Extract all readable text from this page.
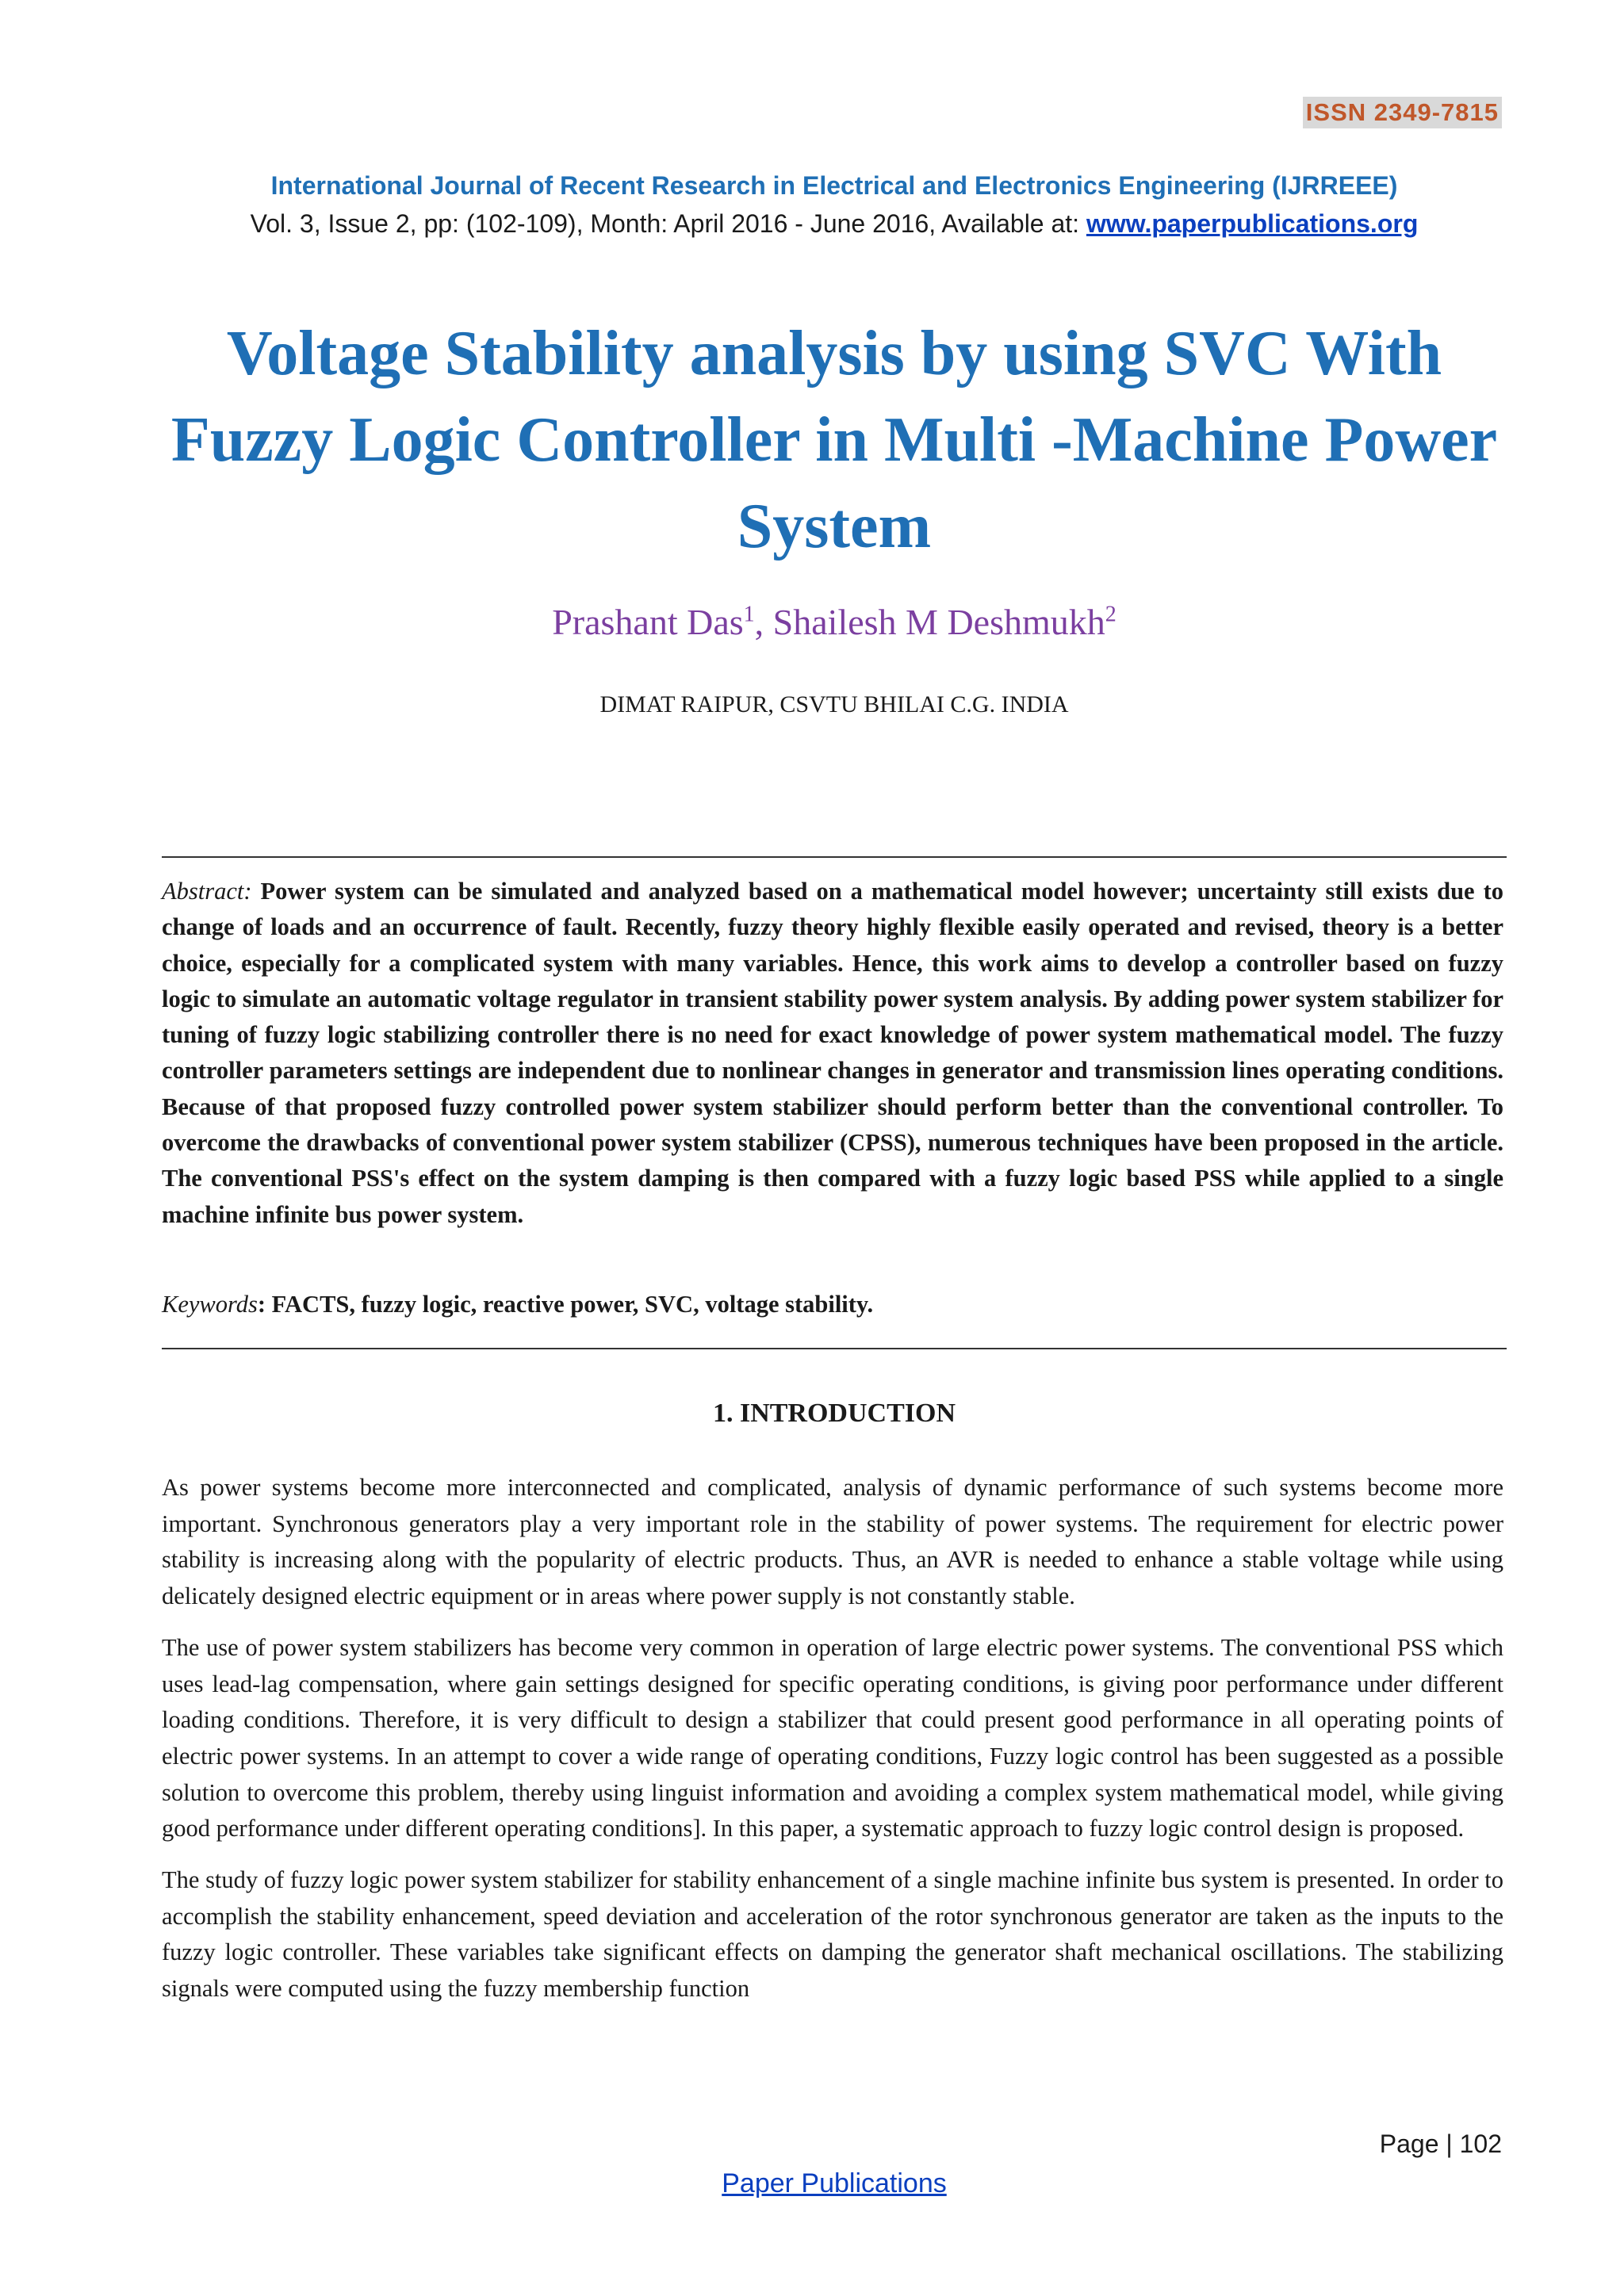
ISSN 2349-7815
International Journal of Recent Research in Electrical and Electronics Engineering (IJRREEE)
Vol. 3, Issue 2, pp: (102-109), Month: April 2016 - June 2016, Available at: www.paperpublications.org
Voltage Stability analysis by using SVC With Fuzzy Logic Controller in Multi -Machine Power System
Prashant Das$^1$, Shailesh M Deshmukh$^2$
DIMAT RAIPUR, CSVTU BHILAI C.G. INDIA
Abstract: Power system can be simulated and analyzed based on a mathematical model however; uncertainty still exists due to change of loads and an occurrence of fault. Recently, fuzzy theory highly flexible easily operated and revised, theory is a better choice, especially for a complicated system with many variables. Hence, this work aims to develop a controller based on fuzzy logic to simulate an automatic voltage regulator in transient stability power system analysis. By adding power system stabilizer for tuning of fuzzy logic stabilizing controller there is no need for exact knowledge of power system mathematical model. The fuzzy controller parameters settings are independent due to nonlinear changes in generator and transmission lines operating conditions. Because of that proposed fuzzy controlled power system stabilizer should perform better than the conventional controller. To overcome the drawbacks of conventional power system stabilizer (CPSS), numerous techniques have been proposed in the article. The conventional PSS's effect on the system damping is then compared with a fuzzy logic based PSS while applied to a single machine infinite bus power system.
Keywords: FACTS, fuzzy logic, reactive power, SVC, voltage stability.
1. INTRODUCTION

As power systems become more interconnected and complicated, analysis of dynamic performance of such systems become more important. Synchronous generators play a very important role in the stability of power systems. The requirement for electric power stability is increasing along with the popularity of electric products. Thus, an AVR is needed to enhance a stable voltage while using delicately designed electric equipment or in areas where power supply is not constantly stable.

The use of power system stabilizers has become very common in operation of large electric power systems. The conventional PSS which uses lead-lag compensation, where gain settings designed for specific operating conditions, is giving poor performance under different loading conditions. Therefore, it is very difficult to design a stabilizer that could present good performance in all operating points of electric power systems. In an attempt to cover a wide range of operating conditions, Fuzzy logic control has been suggested as a possible solution to overcome this problem, thereby using linguist information and avoiding a complex system mathematical model, while giving good performance under different operating conditions]. In this paper, a systematic approach to fuzzy logic control design is proposed.

The study of fuzzy logic power system stabilizer for stability enhancement of a single machine infinite bus system is presented. In order to accomplish the stability enhancement, speed deviation and acceleration of the rotor synchronous generator are taken as the inputs to the fuzzy logic controller. These variables take significant effects on damping the generator shaft mechanical oscillations. The stabilizing signals were computed using the fuzzy membership function

Page | 102
Paper Publications
